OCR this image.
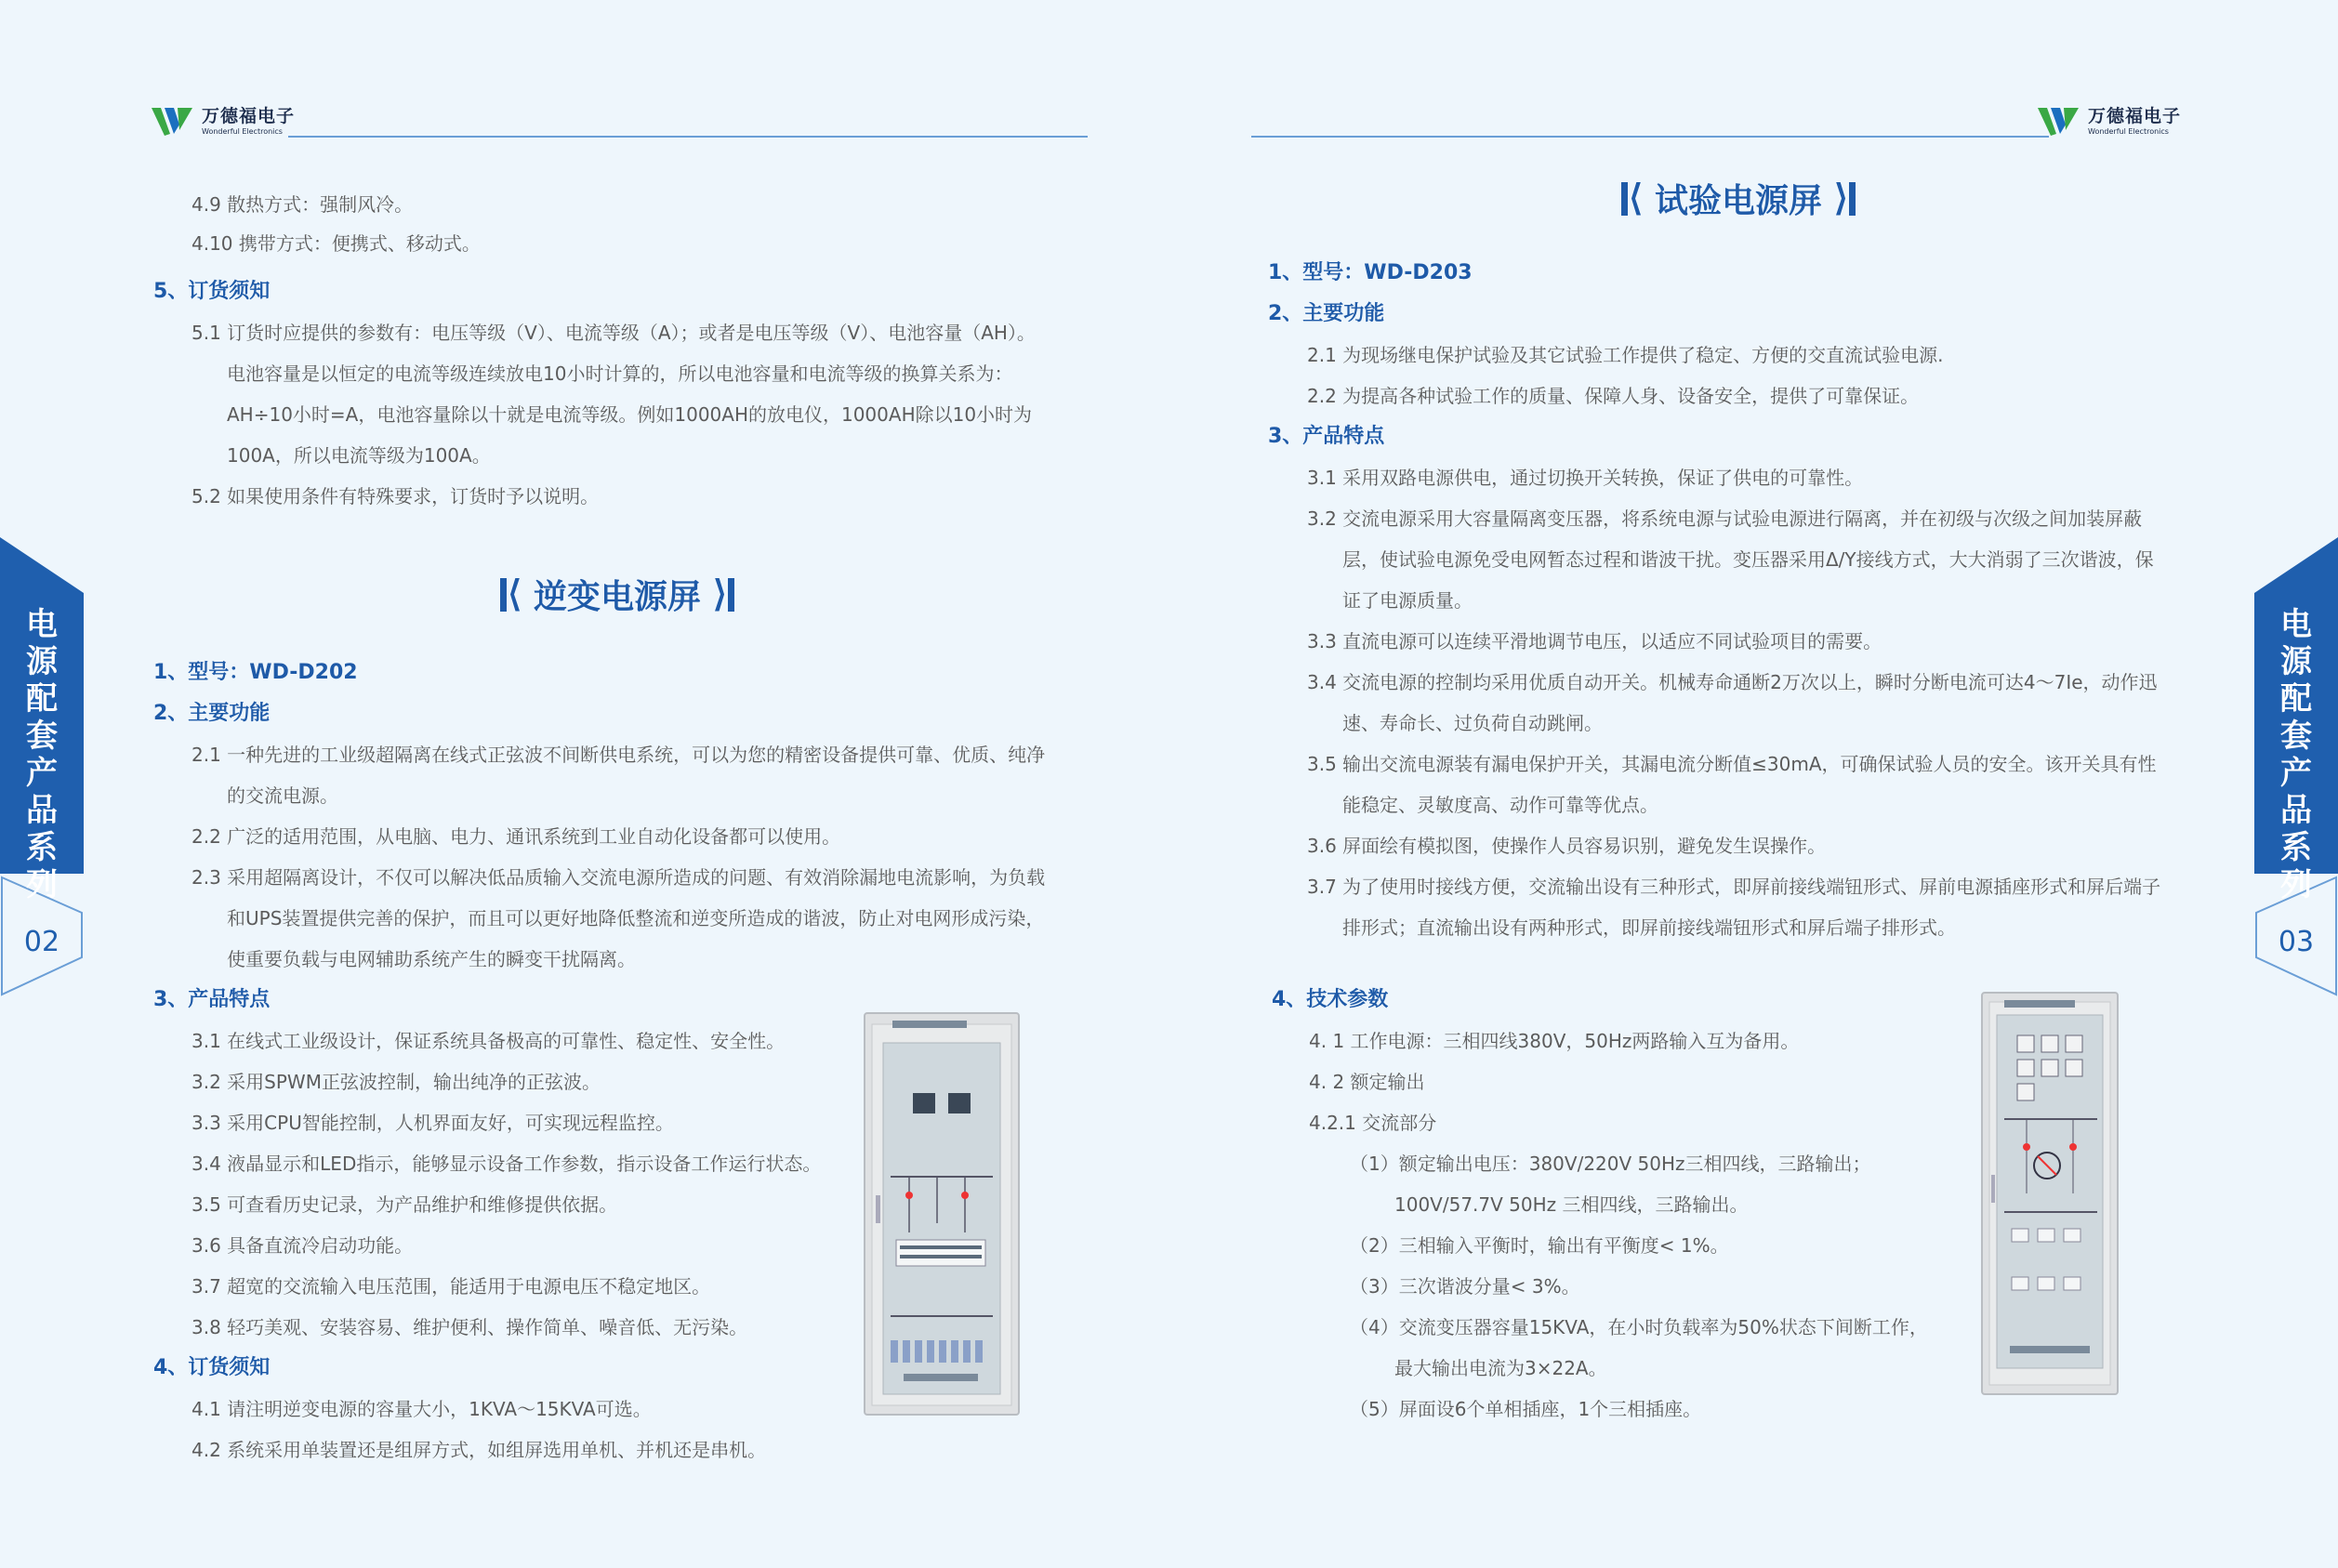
万德福电子
Wonderful Electronics
4.9 散热方式：强制风冷。
4.10 携带方式：便携式、移动式。
5、订货须知
5.1 订货时应提供的参数有：电压等级（V）、电流等级（A）；或者是电压等级（V）、电池容量（AH）。
电池容量是以恒定的电流等级连续放电10小时计算的，所以电池容量和电流等级的换算关系为：
AH÷10小时=A，电池容量除以十就是电流等级。例如1000AH的放电仪，1000AH除以10小时为
100A，所以电流等级为100A。
5.2 如果使用条件有特殊要求，订货时予以说明。
逆变电源屏
1、型号：WD-D202
2、主要功能
2.1 一种先进的工业级超隔离在线式正弦波不间断供电系统，可以为您的精密设备提供可靠、优质、纯净
的交流电源。
2.2 广泛的适用范围，从电脑、电力、通讯系统到工业自动化设备都可以使用。
2.3 采用超隔离设计，不仅可以解决低品质输入交流电源所造成的问题、有效消除漏地电流影响，为负载
和UPS装置提供完善的保护，而且可以更好地降低整流和逆变所造成的谐波，防止对电网形成污染，
使重要负载与电网辅助系统产生的瞬变干扰隔离。
3、产品特点
3.1 在线式工业级设计，保证系统具备极高的可靠性、稳定性、安全性。
3.2 采用SPWM正弦波控制，输出纯净的正弦波。
3.3 采用CPU智能控制，人机界面友好，可实现远程监控。
3.4 液晶显示和LED指示，能够显示设备工作参数，指示设备工作运行状态。
3.5 可查看历史记录，为产品维护和维修提供依据。
3.6 具备直流冷启动功能。
3.7 超宽的交流输入电压范围，能适用于电源电压不稳定地区。
3.8 轻巧美观、安装容易、维护便利、操作简单、噪音低、无污染。
4、订货须知
4.1 请注明逆变电源的容量大小，1KVA～15KVA可选。
4.2 系统采用单装置还是组屏方式，如组屏选用单机、并机还是串机。
电源配套产品系列
02
万德福电子
Wonderful Electronics
试验电源屏
1、型号：WD-D203
2、主要功能
2.1 为现场继电保护试验及其它试验工作提供了稳定、方便的交直流试验电源.
2.2 为提高各种试验工作的质量、保障人身、设备安全，提供了可靠保证。
3、产品特点
3.1 采用双路电源供电，通过切换开关转换，保证了供电的可靠性。
3.2 交流电源采用大容量隔离变压器，将系统电源与试验电源进行隔离，并在初级与次级之间加装屏蔽
层，使试验电源免受电网暂态过程和谐波干扰。变压器采用Δ/Y接线方式，大大消弱了三次谐波，保
证了电源质量。
3.3 直流电源可以连续平滑地调节电压，以适应不同试验项目的需要。
3.4 交流电源的控制均采用优质自动开关。机械寿命通断2万次以上，瞬时分断电流可达4～7Ie，动作迅
速、寿命长、过负荷自动跳闸。
3.5 输出交流电源装有漏电保护开关，其漏电流分断值≤30mA，可确保试验人员的安全。该开关具有性
能稳定、灵敏度高、动作可靠等优点。
3.6 屏面绘有模拟图，使操作人员容易识别，避免发生误操作。
3.7 为了使用时接线方便，交流输出设有三种形式，即屏前接线端钮形式、屏前电源插座形式和屏后端子
排形式；直流输出设有两种形式，即屏前接线端钮形式和屏后端子排形式。
4、技术参数
4. 1 工作电源：三相四线380V，50Hz两路输入互为备用。
4. 2 额定输出
4.2.1 交流部分
（1）额定输出电压：380V/220V 50Hz三相四线，三路输出；
100V/57.7V 50Hz 三相四线，三路输出。
（2）三相输入平衡时，输出有平衡度< 1%。
（3）三次谐波分量< 3%。
（4）交流变压器容量15KVA，在小时负载率为50%状态下间断工作，
最大输出电流为3×22A。
（5）屏面设6个单相插座，1个三相插座。
电源配套产品系列
03
